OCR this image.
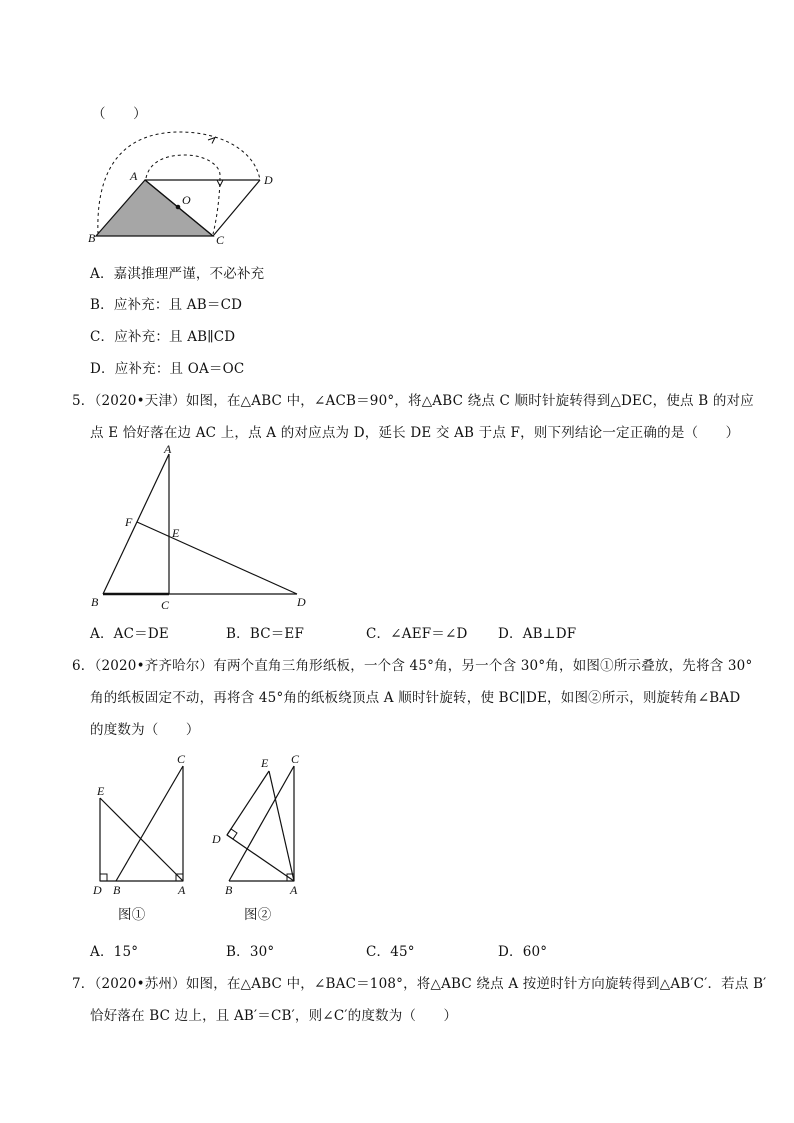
（　　）
A	D
O
B	C
A．嘉淇推理严谨，不必补充
B．应补充：且 AB＝CD
C．应补充：且 AB∥CD
D．应补充：且 OA＝OC
5．（2020•天津）如图，在△ABC 中，∠ACB＝90°，将△ABC 绕点 C 顺时针旋转得到△DEC，使点 B 的对应
点 E 恰好落在边 AC 上，点 A 的对应点为 D，延长 DE 交 AB 于点 F，则下列结论一定正确的是（　　）
A
F
E
B	C	D
A．AC＝DE	B．BC＝EF	C．∠AEF＝∠D D．AB⊥DF
6．（2020•齐齐哈尔）有两个直角三角形纸板，一个含 45°角，另一个含 30°角，如图①所示叠放，先将含 30°
角的纸板固定不动，再将含 45°角的纸板绕顶点 A 顺时针旋转，使 BC∥DE，如图②所示，则旋转角∠BAD
的度数为（　　）
C
E
D B	A
图①
E C
D
B	A
图②
A．15°	B．30°	C．45°	D．60°
7．（2020•苏州）如图，在△ABC 中，∠BAC＝108°，将△ABC 绕点 A 按逆时针方向旋转得到△AB′C′．若点 B′
恰好落在 BC 边上，且 AB′＝CB′，则∠C′的度数为（　　）
